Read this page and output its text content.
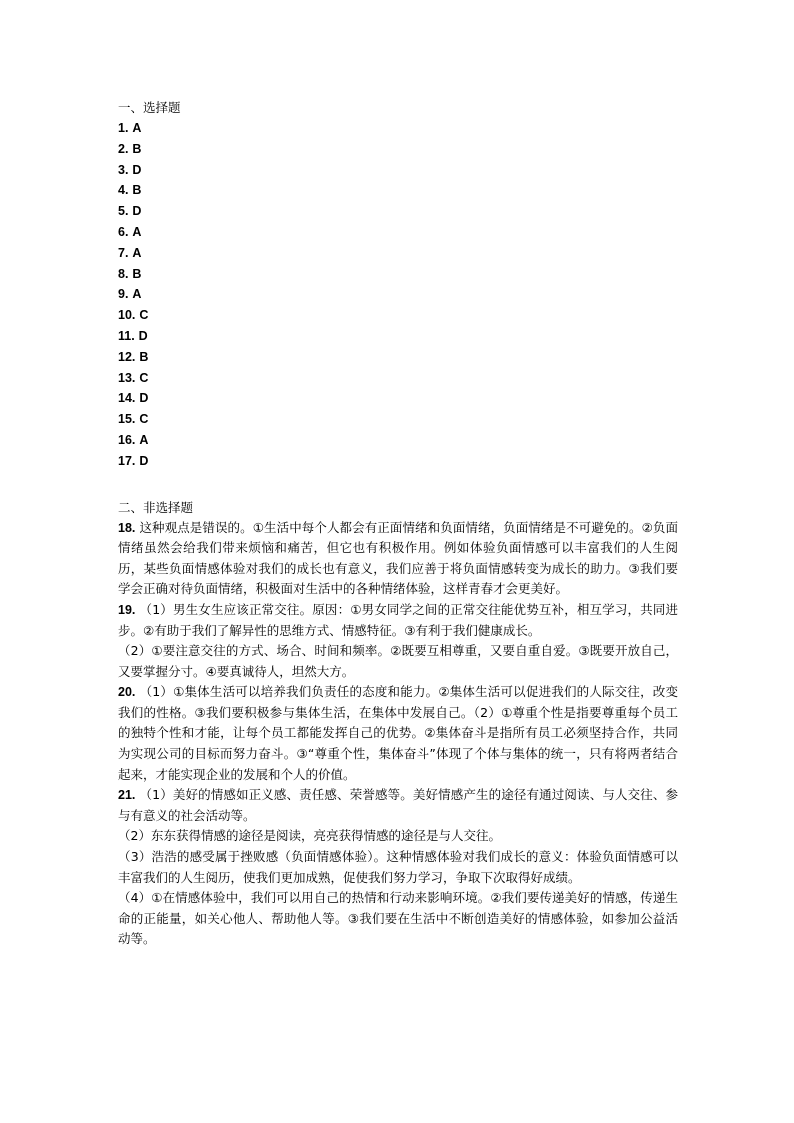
一、选择题
1. A
2. B
3. D
4. B
5. D
6. A
7. A
8. B
9. A
10. C
11. D
12. B
13. C
14. D
15. C
16. A
17. D
二、非选择题
18. 这种观点是错误的。①生活中每个人都会有正面情绪和负面情绪，负面情绪是不可避免的。②负面情绪虽然会给我们带来烦恼和痛苦，但它也有积极作用。例如体验负面情感可以丰富我们的人生阅历，某些负面情感体验对我们的成长也有意义，我们应善于将负面情感转变为成长的助力。③我们要学会正确对待负面情绪，积极面对生活中的各种情绪体验，这样青春才会更美好。
19. （1）男生女生应该正常交往。原因：①男女同学之间的正常交往能优势互补，相互学习，共同进步。②有助于我们了解异性的思维方式、情感特征。③有利于我们健康成长。
（2）①要注意交往的方式、场合、时间和频率。②既要互相尊重，又要自重自爱。③既要开放自己，又要掌握分寸。④要真诚待人，坦然大方。
20. （1）①集体生活可以培养我们负责任的态度和能力。②集体生活可以促进我们的人际交往，改变我们的性格。③我们要积极参与集体生活，在集体中发展自己。（2）①尊重个性是指要尊重每个员工的独特个性和才能，让每个员工都能发挥自己的优势。②集体奋斗是指所有员工必须坚持合作，共同为实现公司的目标而努力奋斗。③“尊重个性，集体奋斗”体现了个体与集体的统一，只有将两者结合起来，才能实现企业的发展和个人的价值。
21. （1）美好的情感如正义感、责任感、荣誉感等。美好情感产生的途径有通过阅读、与人交往、参与有意义的社会活动等。
（2）东东获得情感的途径是阅读，亮亮获得情感的途径是与人交往。
（3）浩浩的感受属于挫败感（负面情感体验）。这种情感体验对我们成长的意义：体验负面情感可以丰富我们的人生阅历，使我们更加成熟，促使我们努力学习，争取下次取得好成绩。
（4）①在情感体验中，我们可以用自己的热情和行动来影响环境。②我们要传递美好的情感，传递生命的正能量，如关心他人、帮助他人等。③我们要在生活中不断创造美好的情感体验，如参加公益活动等。
